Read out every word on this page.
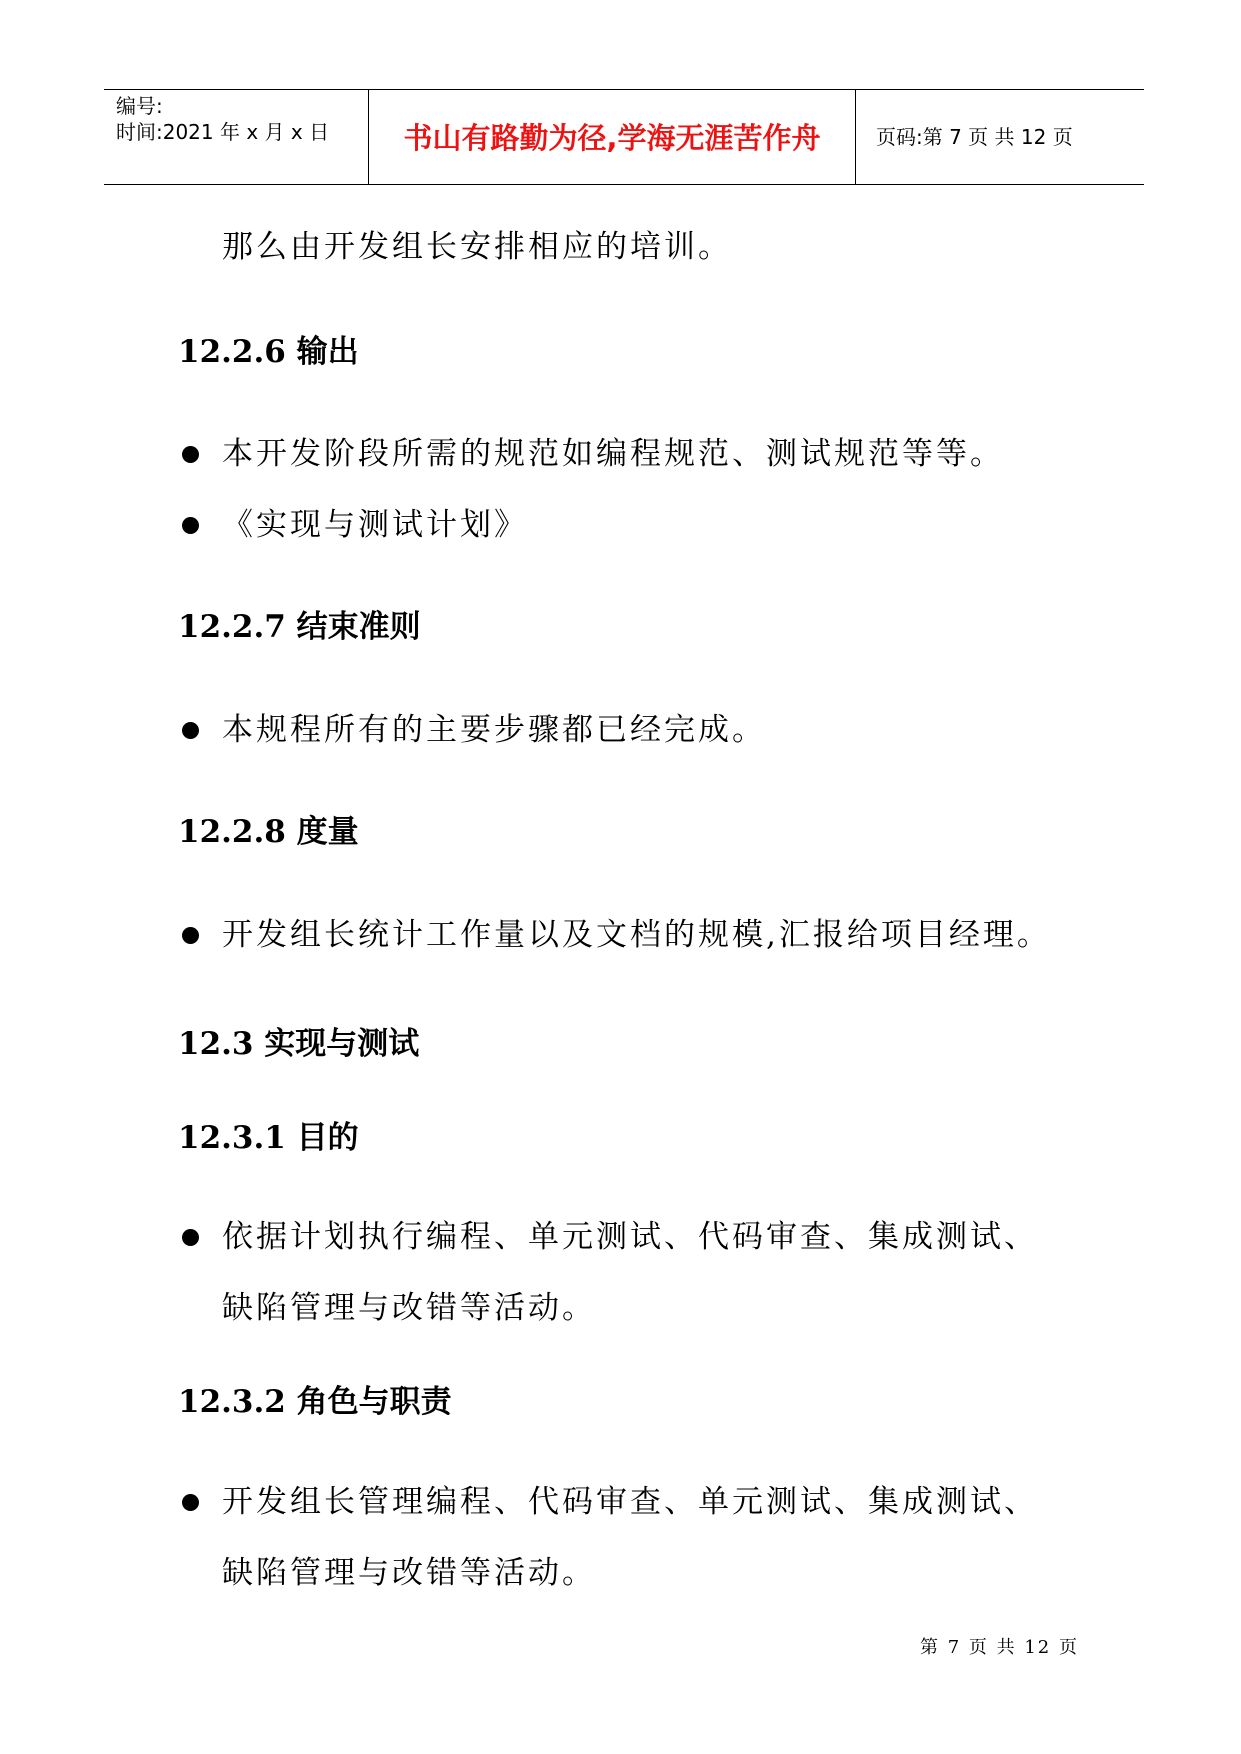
编号:
时间:2021 年 x 月 x 日	书山有路勤为径,学海无涯苦作舟	页码:第 7 页 共 12 页
那么由开发组长安排相应的培训。
12.2.6 输出
本开发阶段所需的规范如编程规范、测试规范等等。
《实现与测试计划》
12.2.7 结束准则
本规程所有的主要步骤都已经完成。
12.2.8 度量
开发组长统计工作量以及文档的规模,汇报给项目经理。
12.3 实现与测试
12.3.1 目的
依据计划执行编程、单元测试、代码审查、集成测试、
缺陷管理与改错等活动。
12.3.2 角色与职责
开发组长管理编程、代码审查、单元测试、集成测试、
缺陷管理与改错等活动。
第 7 页 共 12 页
